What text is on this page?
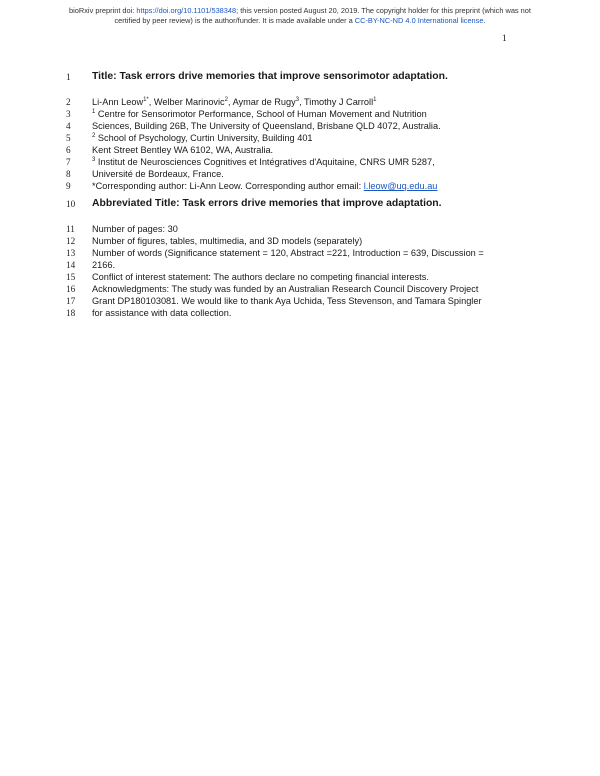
bioRxiv preprint doi: https://doi.org/10.1101/538348; this version posted August 20, 2019. The copyright holder for this preprint (which was not
certified by peer review) is the author/funder. It is made available under a CC-BY-NC-ND 4.0 International license.
1
1	Title: Task errors drive memories that improve sensorimotor adaptation.
2	Li-Ann Leow$^{1*}$, Welber Marinovic$^2$, Aymar de Rugy$^3$, Timothy J Carroll$^1$
3	$^1$ Centre for Sensorimotor Performance, School of Human Movement and Nutrition
4	Sciences, Building 26B, The University of Queensland, Brisbane QLD 4072, Australia.
5	$^2$ School of Psychology, Curtin University, Building 401
6	Kent Street Bentley WA 6102, WA, Australia.
7	$^3$ Institut de Neurosciences Cognitives et Intégratives d'Aquitaine, CNRS UMR 5287,
8	Université de Bordeaux, France.
9	*Corresponding author: Li-Ann Leow. Corresponding author email: l.leow@uq.edu.au
10	Abbreviated Title: Task errors drive memories that improve adaptation.
11	Number of pages: 30
12	Number of figures, tables, multimedia, and 3D models (separately)
13	Number of words (Significance statement = 120, Abstract =221, Introduction = 639, Discussion =
14	2166.
15	Conflict of interest statement: The authors declare no competing financial interests.
16	Acknowledgments: The study was funded by an Australian Research Council Discovery Project
17	Grant DP180103081. We would like to thank Aya Uchida, Tess Stevenson, and Tamara Spingler
18	for assistance with data collection.
